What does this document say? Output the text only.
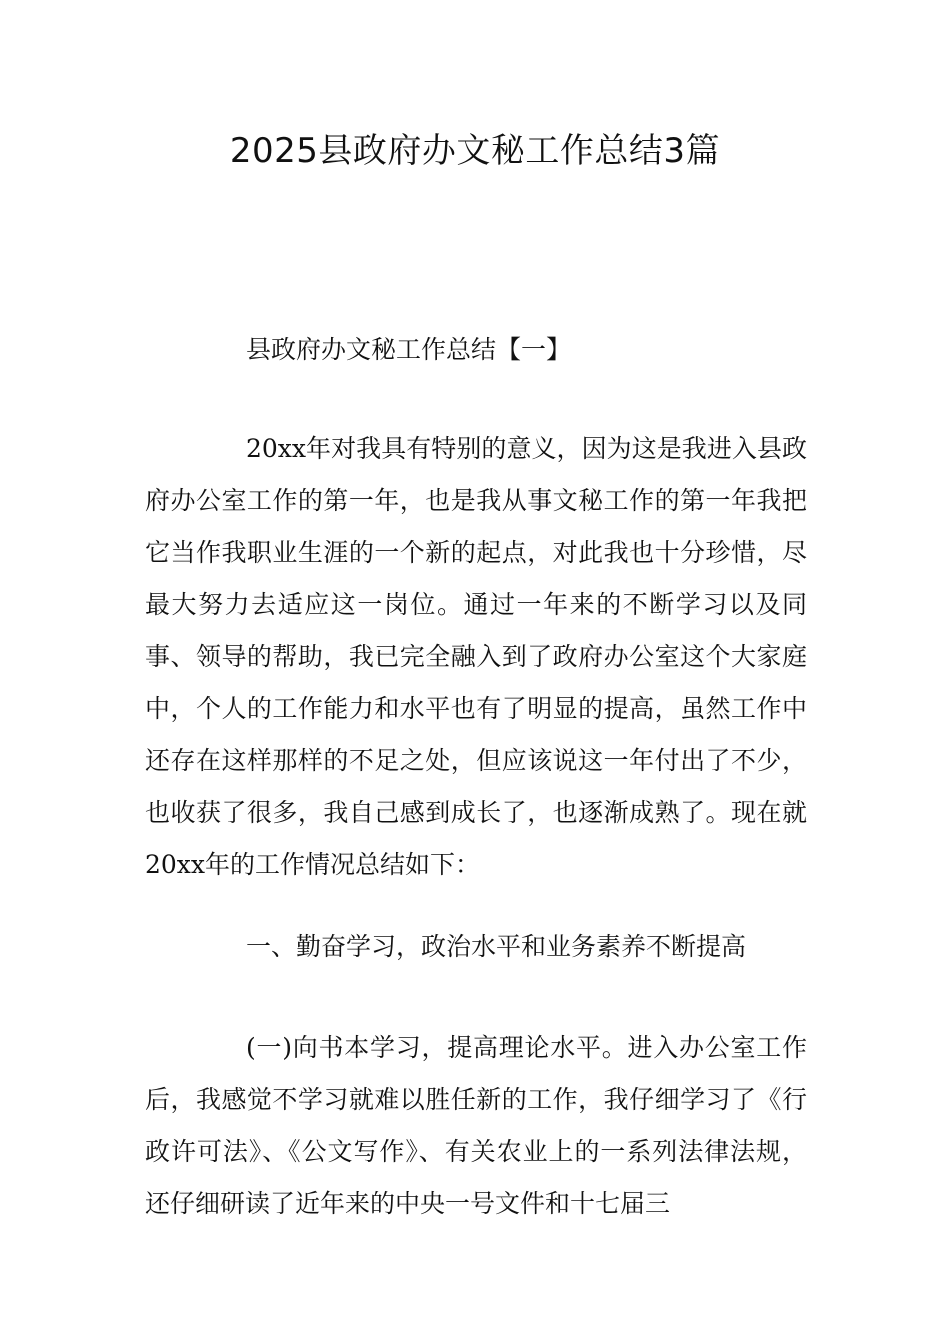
2025县政府办文秘工作总结3篇
县政府办文秘工作总结【一】

20xx年对我具有特别的意义，因为这是我进入县政府办公室工作的第一年，也是我从事文秘工作的第一年我把它当作我职业生涯的一个新的起点，对此我也十分珍惜，尽最大努力去适应这一岗位。通过一年来的不断学习以及同事、领导的帮助，我已完全融入到了政府办公室这个大家庭中，个人的工作能力和水平也有了明显的提高，虽然工作中还存在这样那样的不足之处，但应该说这一年付出了不少，也收获了很多，我自己感到成长了，也逐渐成熟了。现在就20xx年的工作情况总结如下：

一、勤奋学习，政治水平和业务素养不断提高

(一)向书本学习，提高理论水平。进入办公室工作后，我感觉不学习就难以胜任新的工作，我仔细学习了《行政许可法》、《公文写作》、有关农业上的一系列法律法规，还仔细研读了近年来的中央一号文件和十七届三
